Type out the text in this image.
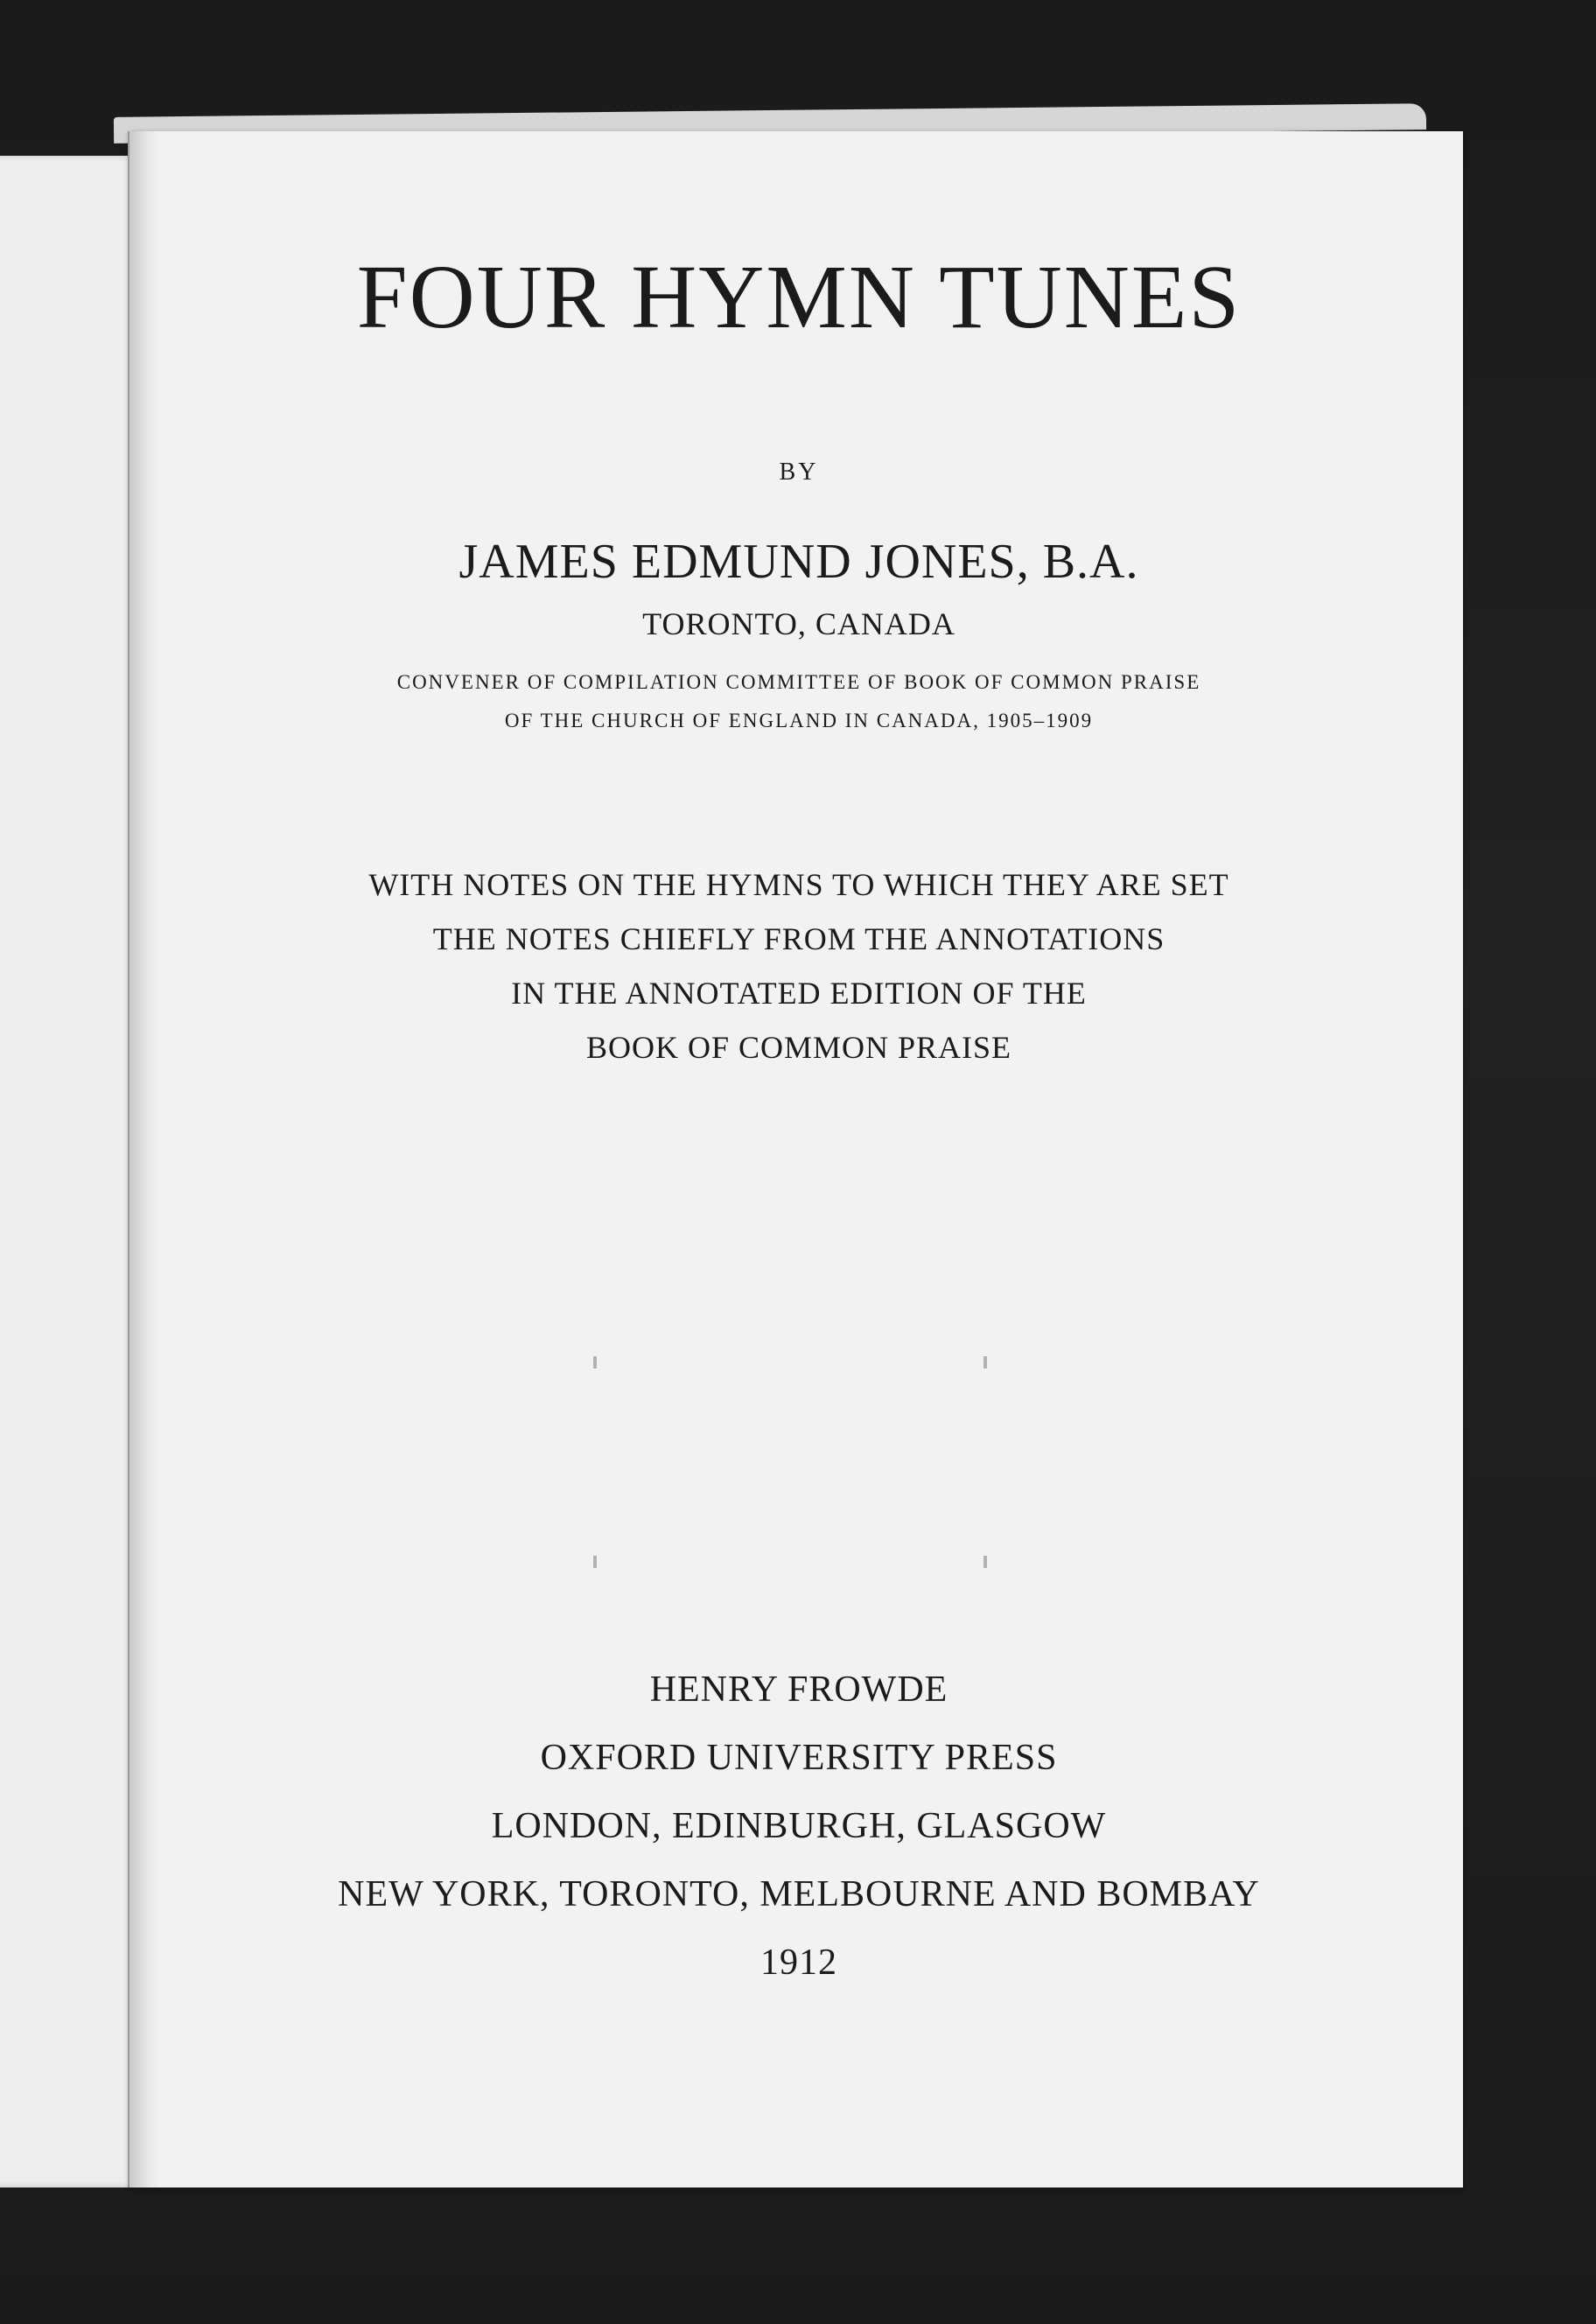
FOUR HYMN TUNES
BY
JAMES EDMUND JONES, B.A.
TORONTO, CANADA
CONVENER OF COMPILATION COMMITTEE OF BOOK OF COMMON PRAISE
OF THE CHURCH OF ENGLAND IN CANADA, 1905–1909
WITH NOTES ON THE HYMNS TO WHICH THEY ARE SET
THE NOTES CHIEFLY FROM THE ANNOTATIONS
IN THE ANNOTATED EDITION OF THE
BOOK OF COMMON PRAISE
HENRY FROWDE
OXFORD UNIVERSITY PRESS
LONDON, EDINBURGH, GLASGOW
NEW YORK, TORONTO, MELBOURNE AND BOMBAY
1912
